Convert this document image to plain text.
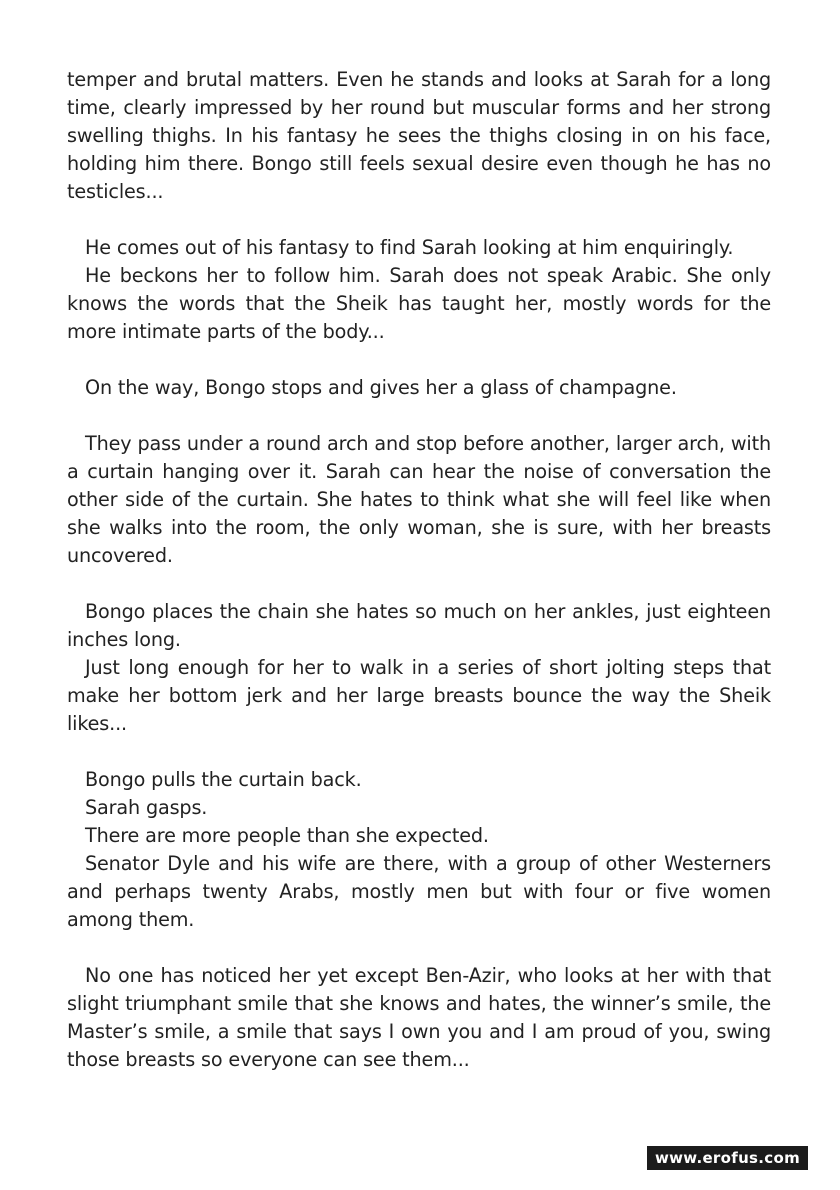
temper and brutal matters. Even he stands and looks at Sarah for a long time, clearly impressed by her round but muscular forms and her strong swelling thighs. In his fantasy he sees the thighs closing in on his face, holding him there. Bongo still feels sexual desire even though he has no testicles...

He comes out of his fantasy to find Sarah looking at him enquiringly.

He beckons her to follow him. Sarah does not speak Arabic. She only knows the words that the Sheik has taught her, mostly words for the more intimate parts of the body...

On the way, Bongo stops and gives her a glass of champagne.

They pass under a round arch and stop before another, larger arch, with a curtain hanging over it. Sarah can hear the noise of conversation the other side of the curtain. She hates to think what she will feel like when she walks into the room, the only woman, she is sure, with her breasts uncovered.

Bongo places the chain she hates so much on her ankles, just eighteen inches long.

Just long enough for her to walk in a series of short jolting steps that make her bottom jerk and her large breasts bounce the way the Sheik likes...

Bongo pulls the curtain back.

Sarah gasps.

There are more people than she expected.

Senator Dyle and his wife are there, with a group of other Westerners and perhaps twenty Arabs, mostly men but with four or five women among them.

No one has noticed her yet except Ben-Azir, who looks at her with that slight triumphant smile that she knows and hates, the winner’s smile, the Master’s smile, a smile that says I own you and I am proud of you, swing those breasts so everyone can see them...

www.erofus.com
